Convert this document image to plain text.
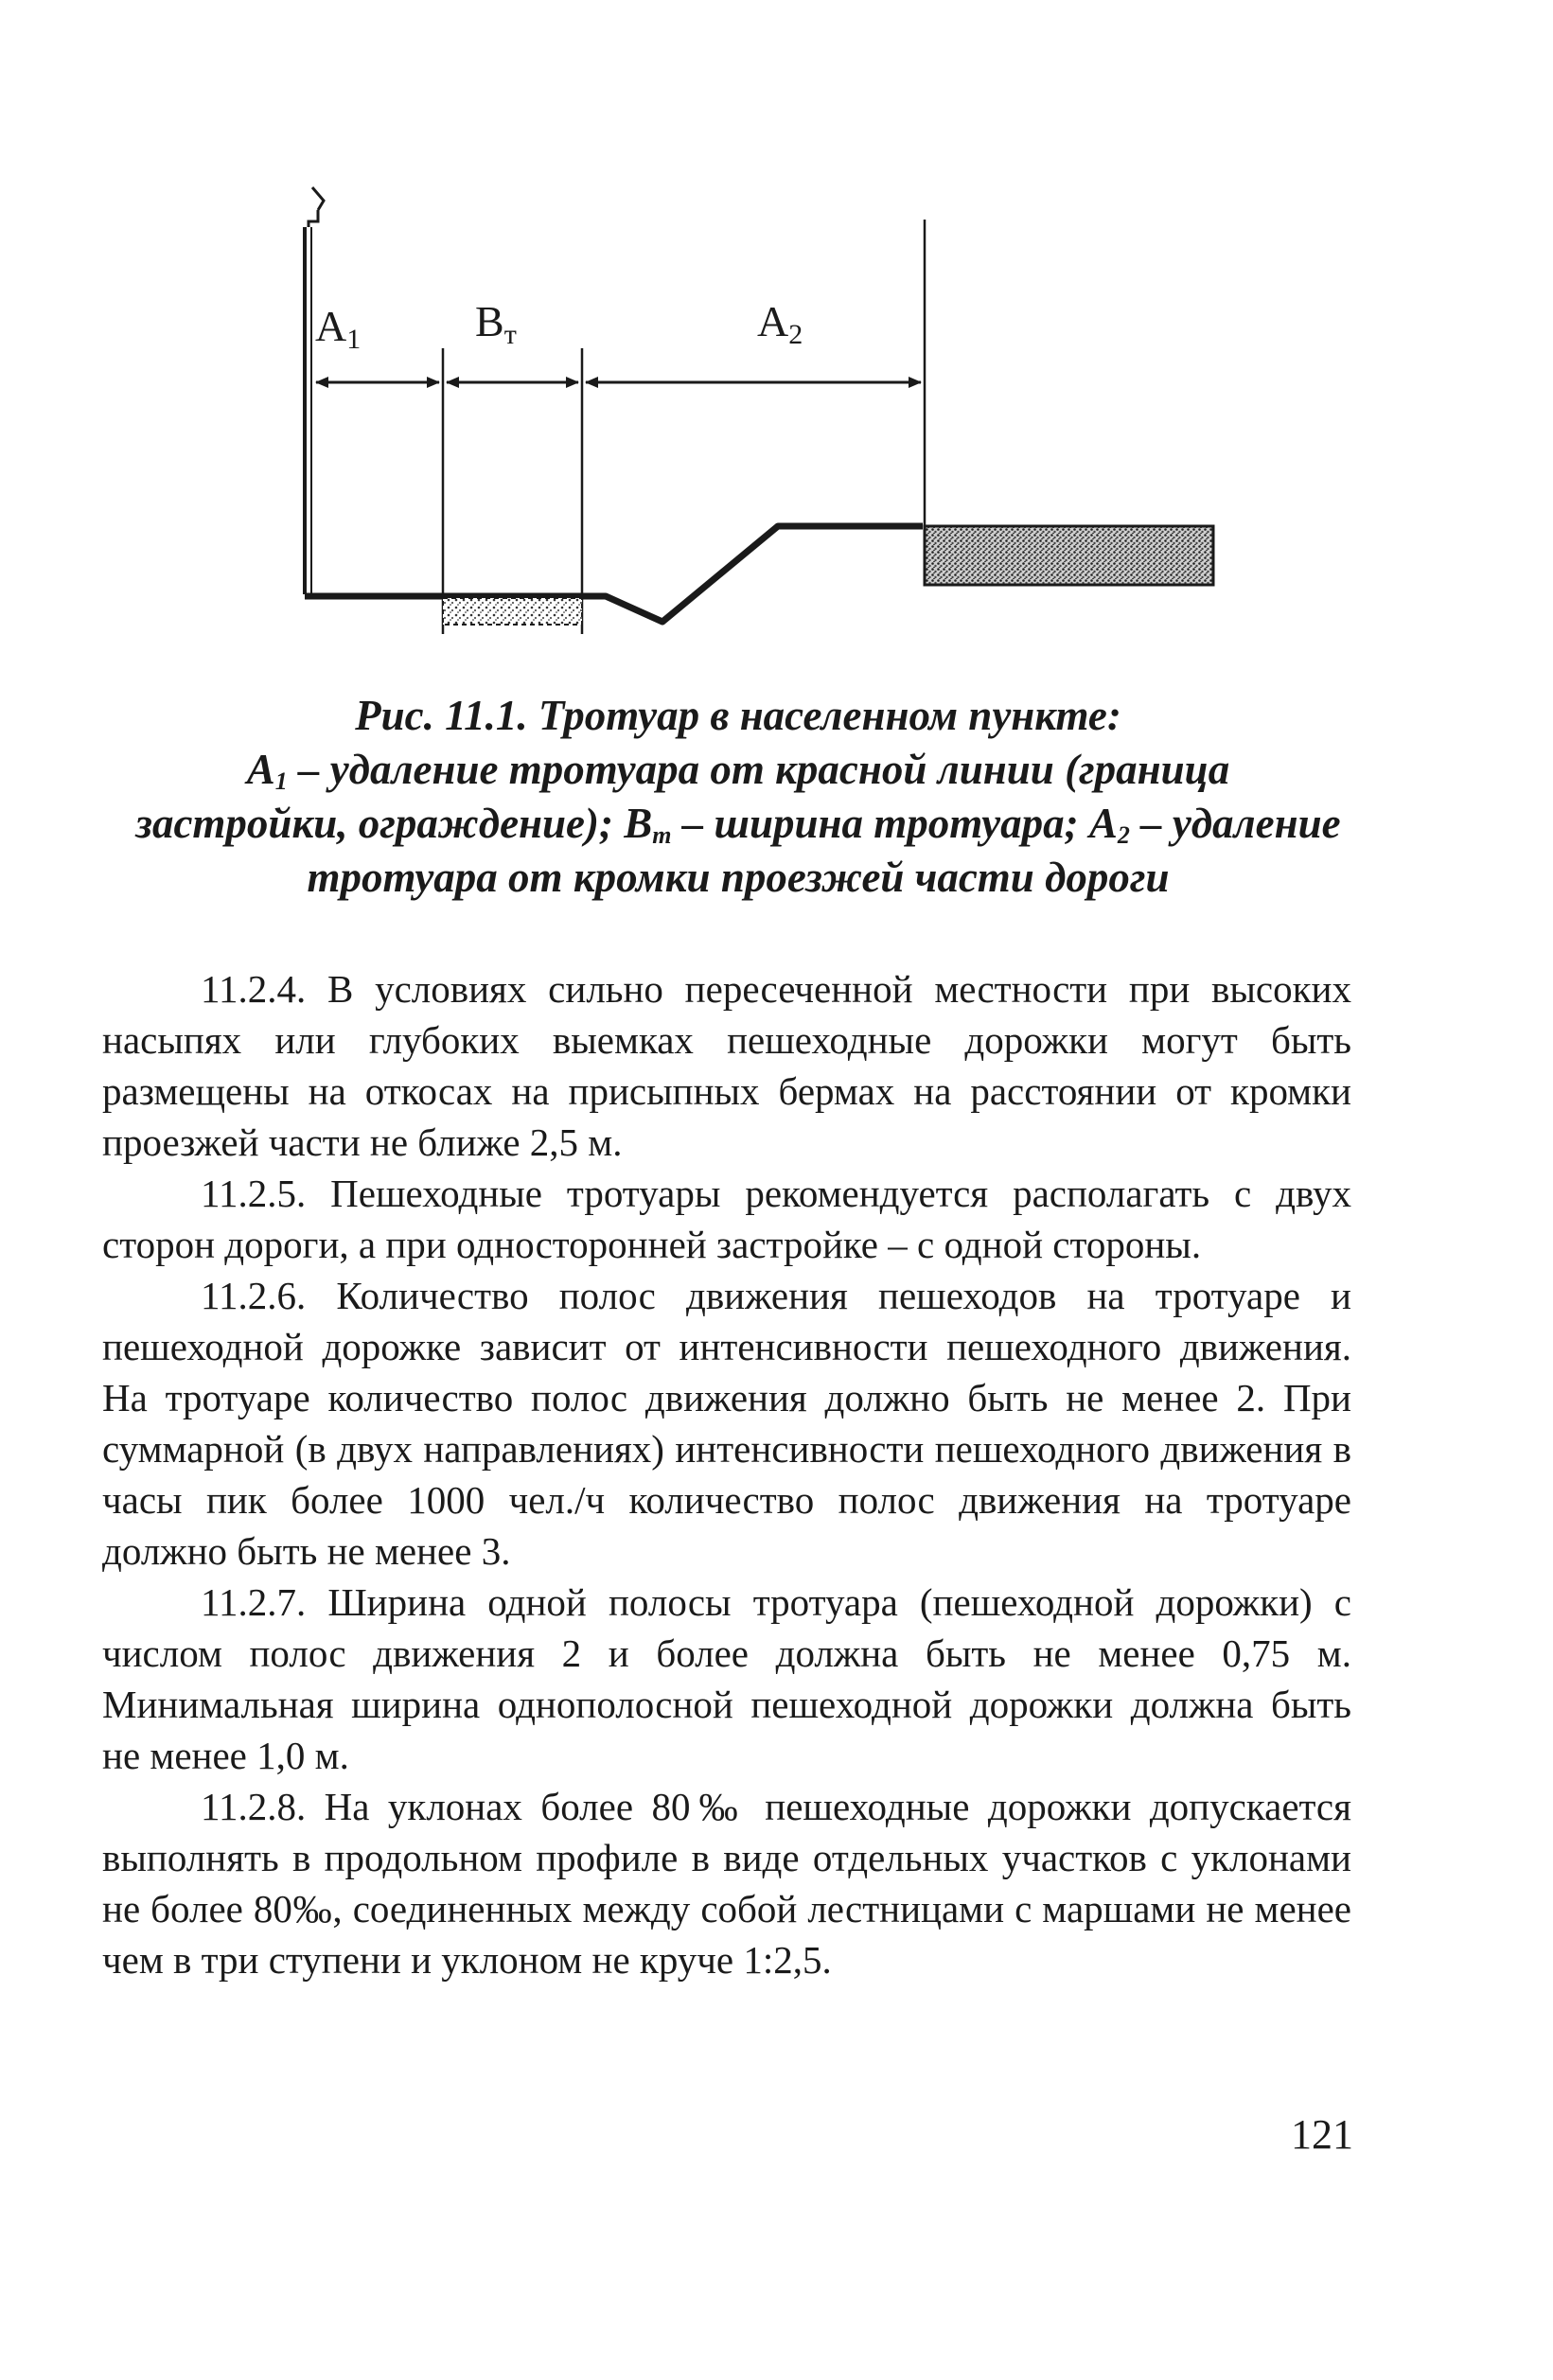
A1	Bт	A2
Рис. 11.1. Тротуар в населенном пункте:
$А_1$ – удаление тротуара от красной линии (граница
застройки, ограждение); $B_т$ – ширина тротуара; $А_2$ – удаление
тротуара от кромки проезжей части дороги

11.2.4. В условиях сильно пересеченной местности при высоких насыпях или глубоких выемках пешеходные дорожки могут быть размещены на откосах на присыпных бермах на расстоянии от кромки проезжей части не ближе 2,5 м.

11.2.5. Пешеходные тротуары рекомендуется располагать с двух сторон дороги, а при односторонней застройке – с одной стороны.

11.2.6. Количество полос движения пешеходов на тротуаре и пешеходной дорожке зависит от интенсивности пешеходного движения. На тротуаре количество полос движения должно быть не менее 2. При суммарной (в двух направлениях) интенсивности пешеходного движения в часы пик более 1000 чел./ч количество полос движения на тротуаре должно быть не менее 3.

11.2.7. Ширина одной полосы тротуара (пешеходной дорожки) с числом полос движения 2 и более должна быть не менее 0,75 м. Минимальная ширина однополосной пешеходной дорожки должна быть не менее 1,0 м.

11.2.8. На уклонах более 80‰ пешеходные дорожки допускается выполнять в продольном профиле в виде отдельных участков с уклонами не более 80‰, соединенных между собой лестницами с маршами не менее чем в три ступени и уклоном не круче 1:2,5.

121
